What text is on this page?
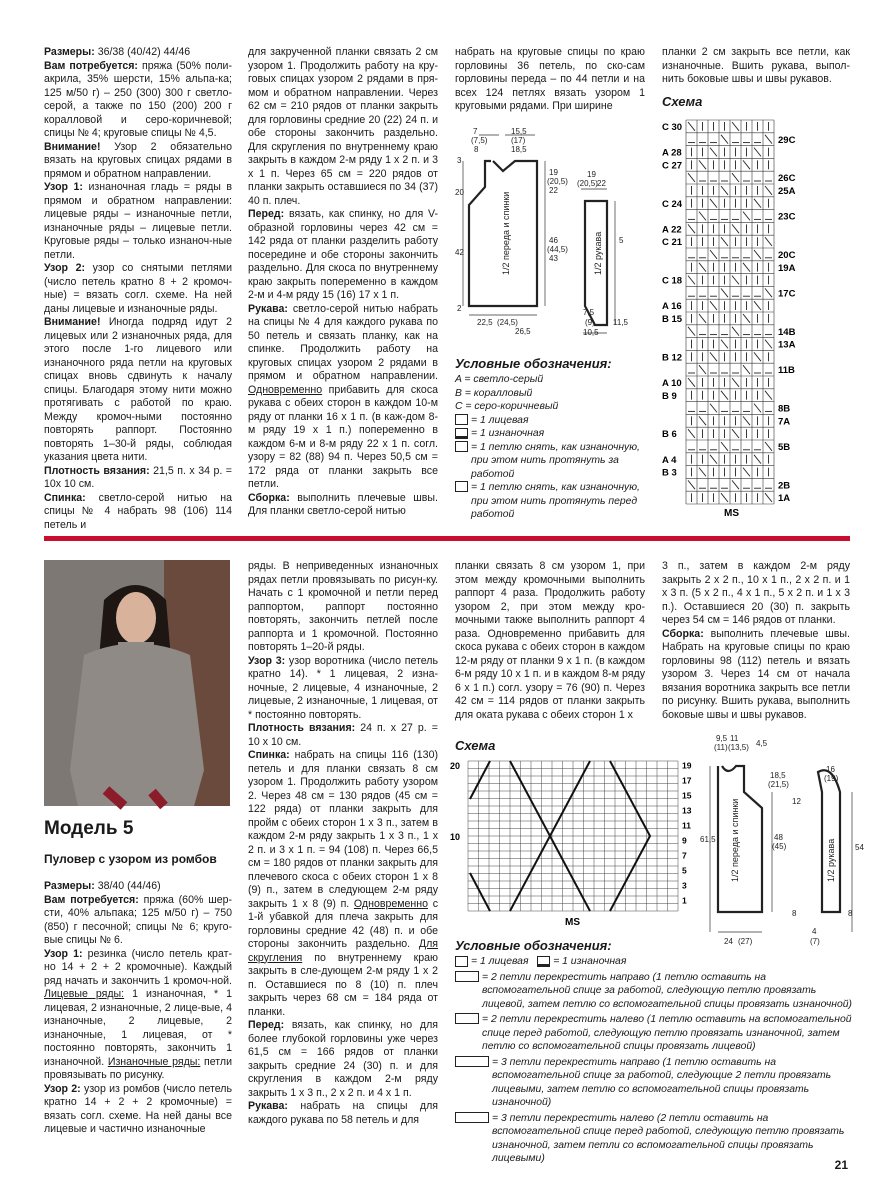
Размеры: 36/38 (40/42) 44/46

Вам потребуется: пряжа (50% поли-акрила, 35% шерсти, 15% альпа-ка; 125 м/50 г) – 250 (300) 300 г светло-серой, а также по 150 (200) 200 г коралловой и серо-коричневой; спицы № 4; круговые спицы № 4,5.

Внимание! Узор 2 обязательно вязать на круговых спицах рядами в прямом и обратном направлении.

Узор 1: изнаночная гладь = ряды в прямом и обратном направлении: лицевые ряды – изнаночные петли, изнаночные ряды – лицевые петли. Круговые ряды – только изнаноч-ные петли.

Узор 2: узор со снятыми петлями (число петель кратно 8 + 2 кромоч-ные) = вязать согл. схеме. На ней даны лицевые и изнаночные ряды.

Внимание! Иногда подряд идут 2 лицевых или 2 изнаночных ряда, для этого после 1-го лицевого или изнаночного ряда петли на круговых спицах вновь сдвинуть к началу спицы. Благодаря этому нити можно протягивать с работой по краю. Между кромоч-ными постоянно повторять раппорт. Постоянно повторять 1–30-й ряды, соблюдая указания цвета нити.

Плотность вязания: 21,5 п. х 34 р. = 10х 10 см.

Спинка: светло-серой нитью на спицы № 4 набрать 98 (106) 114 петель и

для закрученной планки связать 2 см узором 1. Продолжить работу на кру-говых спицах узором 2 рядами в пря-мом и обратном направлении. Через 62 см = 210 рядов от планки закрыть для горловины средние 20 (22) 24 п. и обе стороны закончить раздельно. Для скругления по внутреннему краю закрыть в каждом 2-м ряду 1 х 2 п. и 3 х 1 п. Через 65 см = 220 рядов от планки закрыть оставшиеся по 34 (37) 40 п. плеч.

Перед: вязать, как спинку, но для V-образной горловины через 42 см = 142 ряда от планки разделить работу посередине и обе стороны закончить раздельно. Для скоса по внутреннему краю закрыть попеременно в каждом 2-м и 4-м ряду 15 (16) 17 х 1 п.

Рукава: светло-серой нитью набрать на спицы № 4 для каждого рукава по 50 петель и связать планку, как на спинке. Продолжить работу на круговых спицах узором 2 рядами в прямом и обратном направлении. Одновременно прибавить для скоса рукава с обеих сторон в каждом 10-м ряду от планки 16 х 1 п. (в каж-дом 8-м ряду 19 х 1 п.) попеременно в каждом 6-м и 8-м ряду 22 х 1 п. согл. узору = 82 (88) 94 п. Через 50,5 см = 172 ряда от планки закрыть все петли.

Сборка: выполнить плечевые швы. Для планки светло-серой нитью

набрать на круговые спицы по краю горловины 36 петель, по ско-сам горловины переда – по 44 петли и на всех 124 петлях вязать узором 1 круговыми рядами. При ширине

7
(7,5)
8
15,5
(17)
18,5
3
20
19
(20,5)
22
42
46
(44,5)
43
2
22,5 (24,5)
26,5
19
(20,5) 22
5
7,5
(9)
10,5
11,5
1/2 переда и спинки	1/2 рукава
Условные обозначения:
A = светло-серый
B = коралловый
C = серо-коричневый
= 1 лицевая
= 1 изнаночная
= 1 петлю снять, как изнаночную, при этом нить протянуть за работой
= 1 петлю снять, как изнаночную, при этом нить протянуть перед работой

планки 2 см закрыть все петли, как изнаночные. Вшить рукава, выпол-нить боковые швы и швы рукавов.

Схема
C 30
A 28
C 27
C 24
A 22
C 21
C 18
A 16
B 15
B 12
A 10
B 9
B 6
A 4
B 3
29C
26C
25A
23C
20C
19A
17C
14B
13A
11B
8B
7A
5B
2B
1A
MS
Модель 5
Пуловер с узором из ромбов

Размеры: 38/40 (44/46)

Вам потребуется: пряжа (60% шер-сти, 40% альпака; 125 м/50 г) – 750 (850) г песочной; спицы № 6; круго-вые спицы № 6.

Узор 1: резинка (число петель крат-но 14 + 2 + 2 кромочные). Каждый ряд начать и закончить 1 кромоч-ной. Лицевые ряды: 1 изнаночная, * 1 лицевая, 2 изнаночные, 2 лице-вые, 4 изнаночные, 2 лицевые, 2 изнаночные, 1 лицевая, от * постоянно повторять, закончить 1 изнаночной. Изнаночные ряды: петли провязывать по рисунку.

Узор 2: узор из ромбов (число петель кратно 14 + 2 + 2 кромочные) = вязать согл. схеме. На ней даны все лицевые и частично изнаночные

ряды. В неприведенных изнаночных рядах петли провязывать по рисун-ку. Начать с 1 кромочной и петли перед раппортом, раппорт постоянно повторять, закончить петлей после раппорта и 1 кромочной. Постоянно повторять 1–20-й ряды.

Узор 3: узор воротника (число петель кратно 14). * 1 лицевая, 2 изна-ночные, 2 лицевые, 4 изнаночные, 2 лицевые, 2 изнаночные, 1 лицевая, от * постоянно повторять.

Плотность вязания: 24 п. х 27 р. = 10 х 10 см.

Спинка: набрать на спицы 116 (130) петель и для планки связать 8 см узором 1. Продолжить работу узором 2. Через 48 см = 130 рядов (45 см = 122 ряда) от планки закрыть для пройм с обеих сторон 1 х 3 п., затем в каждом 2-м ряду закрыть 1 х 3 п., 1 х 2 п. и 3 х 1 п. = 94 (108) п. Через 66,5 см = 180 рядов от планки закрыть для плечевого скоса с обеих сторон 1 х 8 (9) п., затем в следующем 2-м ряду закрыть 1 х 8 (9) п. Одновременно с 1-й убавкой для плеча закрыть для горловины средние 42 (48) п. и обе стороны закончить раздельно. Для скругления по внутреннему краю закрыть в сле-дующем 2-м ряду 1 х 2 п. Оставшиеся по 8 (10) п. плеч закрыть через 68 см = 184 ряда от планки.

Перед: вязать, как спинку, но для более глубокой горловины уже через 61,5 см = 166 рядов от планки закрыть средние 24 (30) п. и для скругления в каждом 2-м ряду закрыть 1 х 3 п., 2 х 2 п. и 4 х 1 п.

Рукава: набрать на спицы для каждого рукава по 58 петель и для

планки связать 8 см узором 1, при этом между кромочными выполнить раппорт 4 раза. Продолжить работу узором 2, при этом между кро-мочными также выполнить раппорт 4 раза. Одновременно прибавить для скоса рукава с обеих сторон в каждом 12-м ряду от планки 9 х 1 п. (в каждом 6-м ряду 10 х 1 п. и в каждом 8-м ряду 6 х 1 п.) согл. узору = 76 (90) п. Через 42 см = 114 рядов от планки закрыть для оката рукава с обеих сторон 1 х

3 п., затем в каждом 2-м ряду закрыть 2 х 2 п., 10 х 1 п., 2 х 2 п. и 1 х 3 п. (5 х 2 п., 4 х 1 п., 5 х 2 п. и 1 х 3 п.). Оставшиеся 20 (30) п. закрыть через 54 см = 146 рядов от планки.

Сборка: выполнить плечевые швы. Набрать на круговые спицы по краю горловины 98 (112) петель и вязать узором 3. Через 14 см от начала вязания воротника закрыть все петли по рисунку. Вшить рукава, выполнить боковые швы и швы рукавов.

Схема
19
17
15
13
11
9
7
5
3
1
20
10
MS
9,5
(11)
11
(13,5) 4,5
18,5
(21,5)
12
48
(45)
61,5
8
24 (27)
16
(19)
54
8
4
(7)
1/2 переда и спинки	1/2 рукава
Условные обозначения:
= 1 лицевая = 1 изнаночная
= 2 петли перекрестить направо (1 петлю оставить на вспомогательной спице за работой, следующую петлю провязать лицевой, затем петлю со вспомогательной спицы провязать изнаночной)
= 2 петли перекрестить налево (1 петлю оставить на вспомогательной спице перед работой, следующую петлю провязать изнаночной, затем петлю со вспомогательной спицы провязать лицевой)
= 3 петли перекрестить направо (1 петлю оставить на вспомогательной спице за работой, следующие 2 петли провязать лицевыми, затем петлю со вспомогательной спицы провязать изнаночной)
= 3 петли перекрестить налево (2 петли оставить на вспомогательной спице перед работой, следующую петлю провязать изнаночной, затем петли со вспомогательной спицы провязать лицевыми)	21
